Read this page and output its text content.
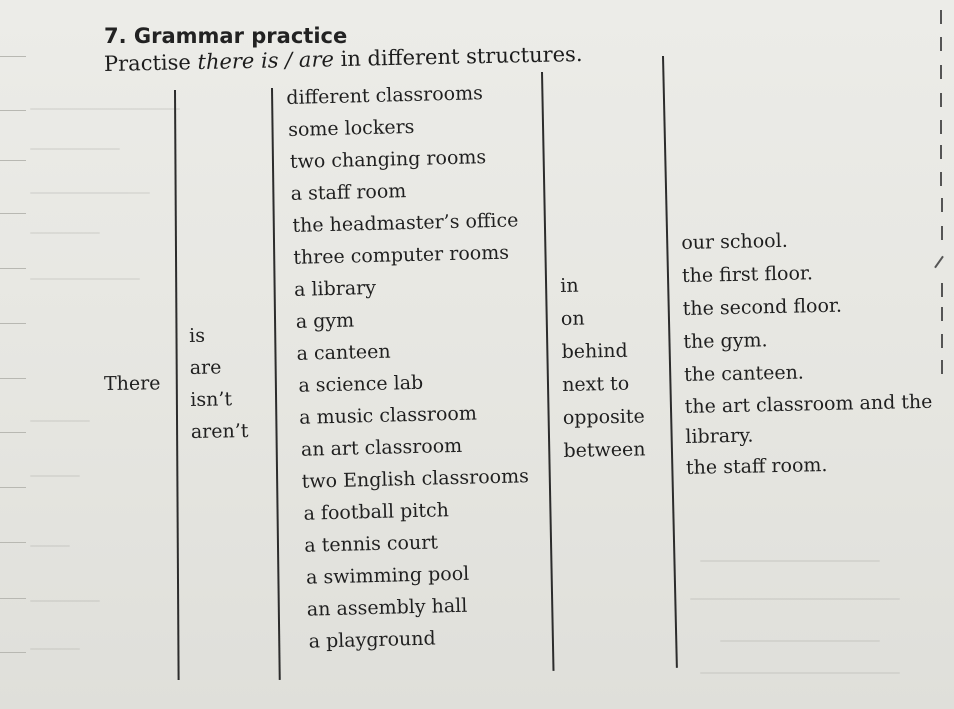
7. Grammar practice
Practise there is / are in different structures.
There
is
are
isn’t
aren’t
different classrooms
some lockers
two changing rooms
a staff room
the headmaster’s office
three computer rooms
a library
a gym
a canteen
a science lab
a music classroom
an art classroom
two English classrooms
a football pitch
a tennis court
a swimming pool
an assembly hall
a playground
in
on
behind
next to
opposite
between
our school.
the first floor.
the second floor.
the gym.
the canteen.
the art classroom and the
library.
the staff room.
